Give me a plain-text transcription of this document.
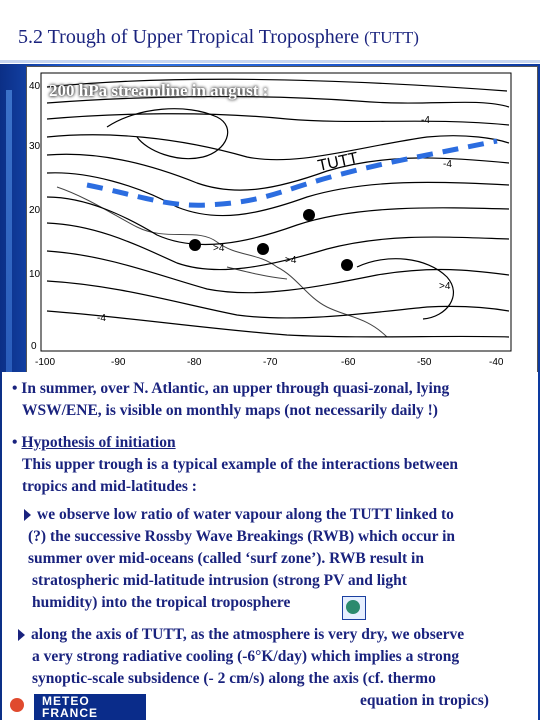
5.2 Trough of Upper Tropical Troposphere (TUTT)
TUTT
-4
>4
>4
-4
>4
-4
40
30
20
10
0
-100	-90	-80	-70	-60	-50	-40
200 hPa streamline in august :
• In summer, over N. Atlantic, an upper through quasi-zonal, lying
WSW/ENE, is visible on monthly maps (not necessarily daily !)
• Hypothesis of initiation
This upper trough is a typical example of the interactions between
tropics and mid-latitudes :
we observe low ratio of water vapour along the TUTT linked to
(?) the successive Rossby Wave Breakings (RWB) which occur in
summer over mid-oceans (called ‘surf zone’). RWB result in
stratospheric mid-latitude intrusion (strong PV and light
humidity) into the tropical troposphere
along the axis of TUTT, as the atmosphere is very dry, we observe
a very strong radiative cooling (-6°K/day) which implies a strong
synoptic-scale subsidence (- 2 cm/s) along the axis (cf. thermo
equation in tropics)
METEO
FRANCE
